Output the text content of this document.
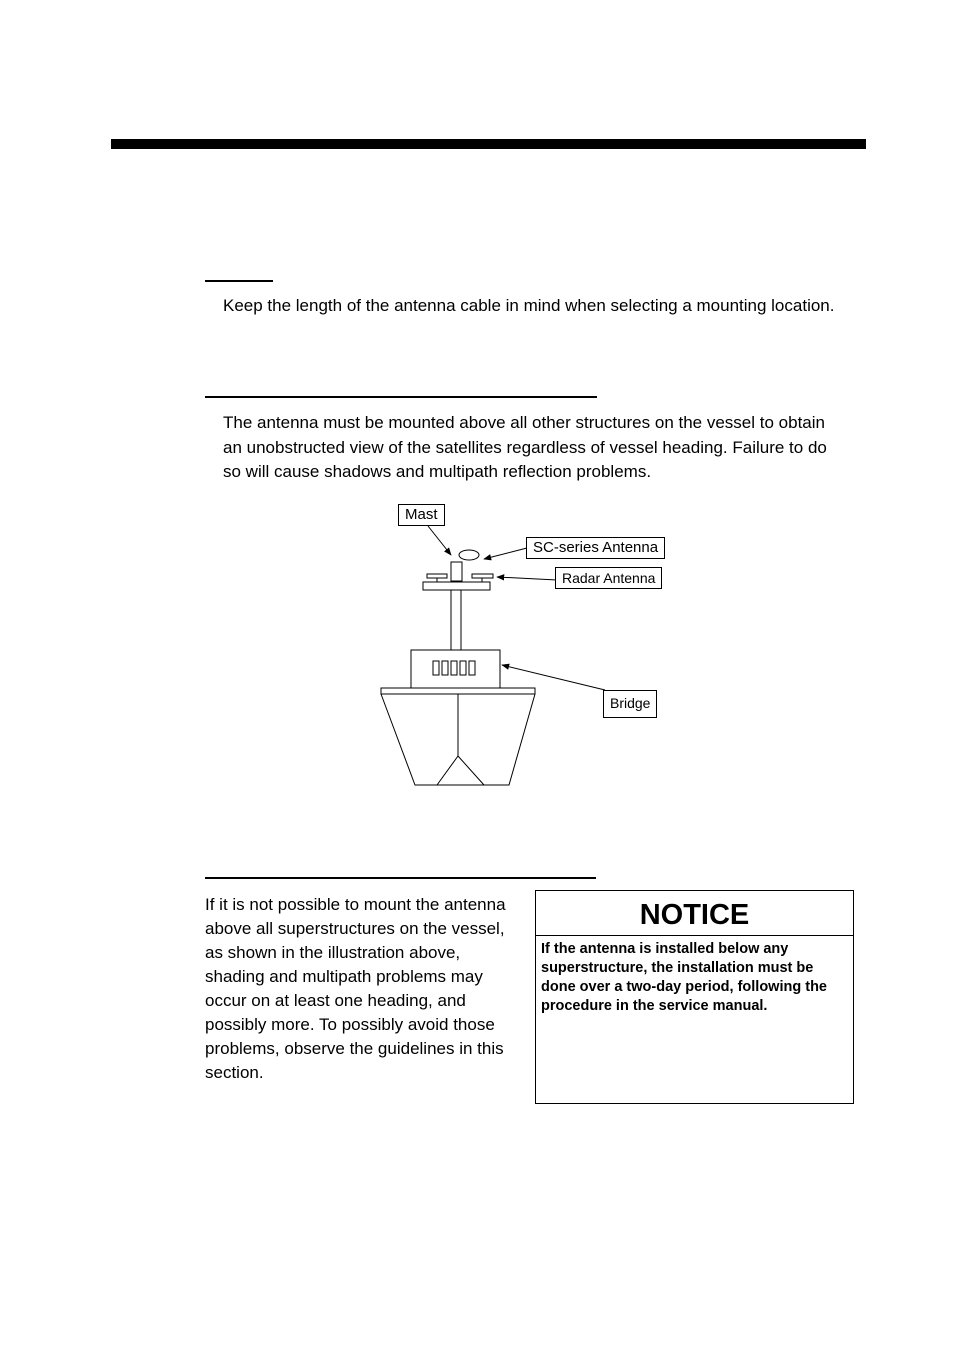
Keep the length of the antenna cable in mind when selecting a mounting location.
The antenna must be mounted above all other structures on the vessel to obtain an unobstructed view of the satellites regardless of vessel heading. Failure to do so will cause shadows and multipath reflection problems.
Mast
SC-series Antenna
Radar Antenna
Bridge
If it is not possible to mount the antenna above all superstructures on the vessel, as shown in the illustration above, shading and multipath problems may occur on at least one heading, and possibly more. To possibly avoid those problems, observe the guidelines in this section.
NOTICE
If the antenna is installed below any superstructure, the installation must be done over a two-day period, following the procedure in the service manual.
